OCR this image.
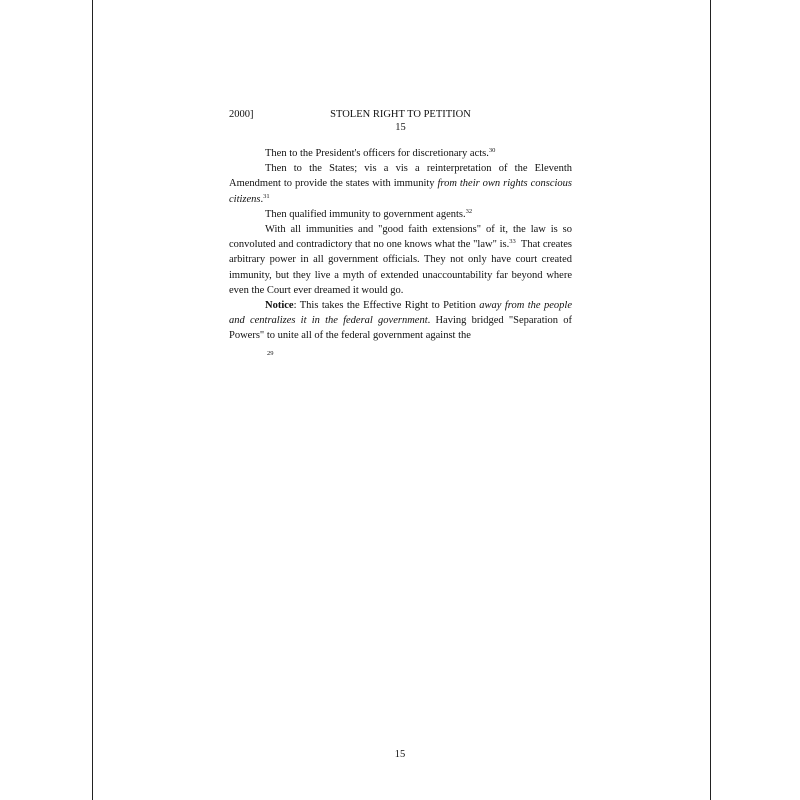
2000]	STOLEN RIGHT TO PETITION
15

Then to the President's officers for discretionary acts.$^{30}$

Then to the States; vis a vis a reinterpretation of the Eleventh Amendment to provide the states with immunity from their own rights conscious citizens.$^{31}$

Then qualified immunity to government agents.$^{32}$

With all immunities and "good faith extensions" of it, the law is so convoluted and contradictory that no one knows what the "law" is.$^{33}$  That creates arbitrary power in all government officials. They not only have court created immunity, but they live a myth of extended unaccountability far beyond where even the Court ever dreamed it would go.

Notice: This takes the Effective Right to Petition away from the people and centralizes it in the federal government. Having bridged "Separation of Powers" to unite all of the federal government against the

29
15
